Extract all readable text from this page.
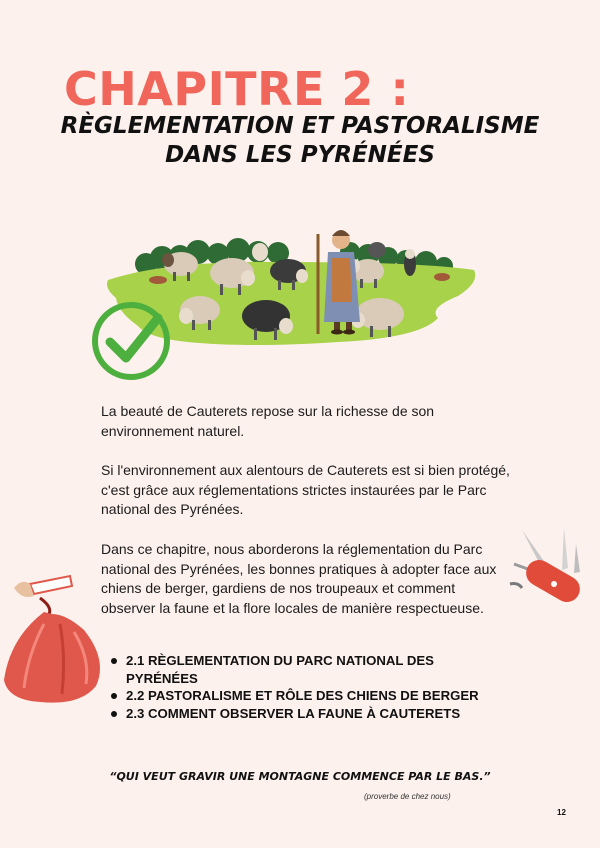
CHAPITRE 2 :
RÈGLEMENTATION ET PASTORALISME
DANS LES PYRÉNÉES
La beauté de Cauterets repose sur la richesse de son environnement naturel.
Si l'environnement aux alentours de Cauterets est si bien protégé, c'est grâce aux réglementations strictes instaurées par le Parc national des Pyrénées.
Dans ce chapitre, nous aborderons la réglementation du Parc national des Pyrénées, les bonnes pratiques à adopter face aux chiens de berger, gardiens de nos troupeaux et comment observer la faune et la flore locales de manière respectueuse.
2.1 RÈGLEMENTATION DU PARC NATIONAL DES PYRÉNÉES
2.2 PASTORALISME ET RÔLE DES CHIENS DE BERGER
2.3 COMMENT OBSERVER LA FAUNE À CAUTERETS
“QUI VEUT GRAVIR UNE MONTAGNE COMMENCE PAR LE BAS.”
(proverbe de chez nous)
12
